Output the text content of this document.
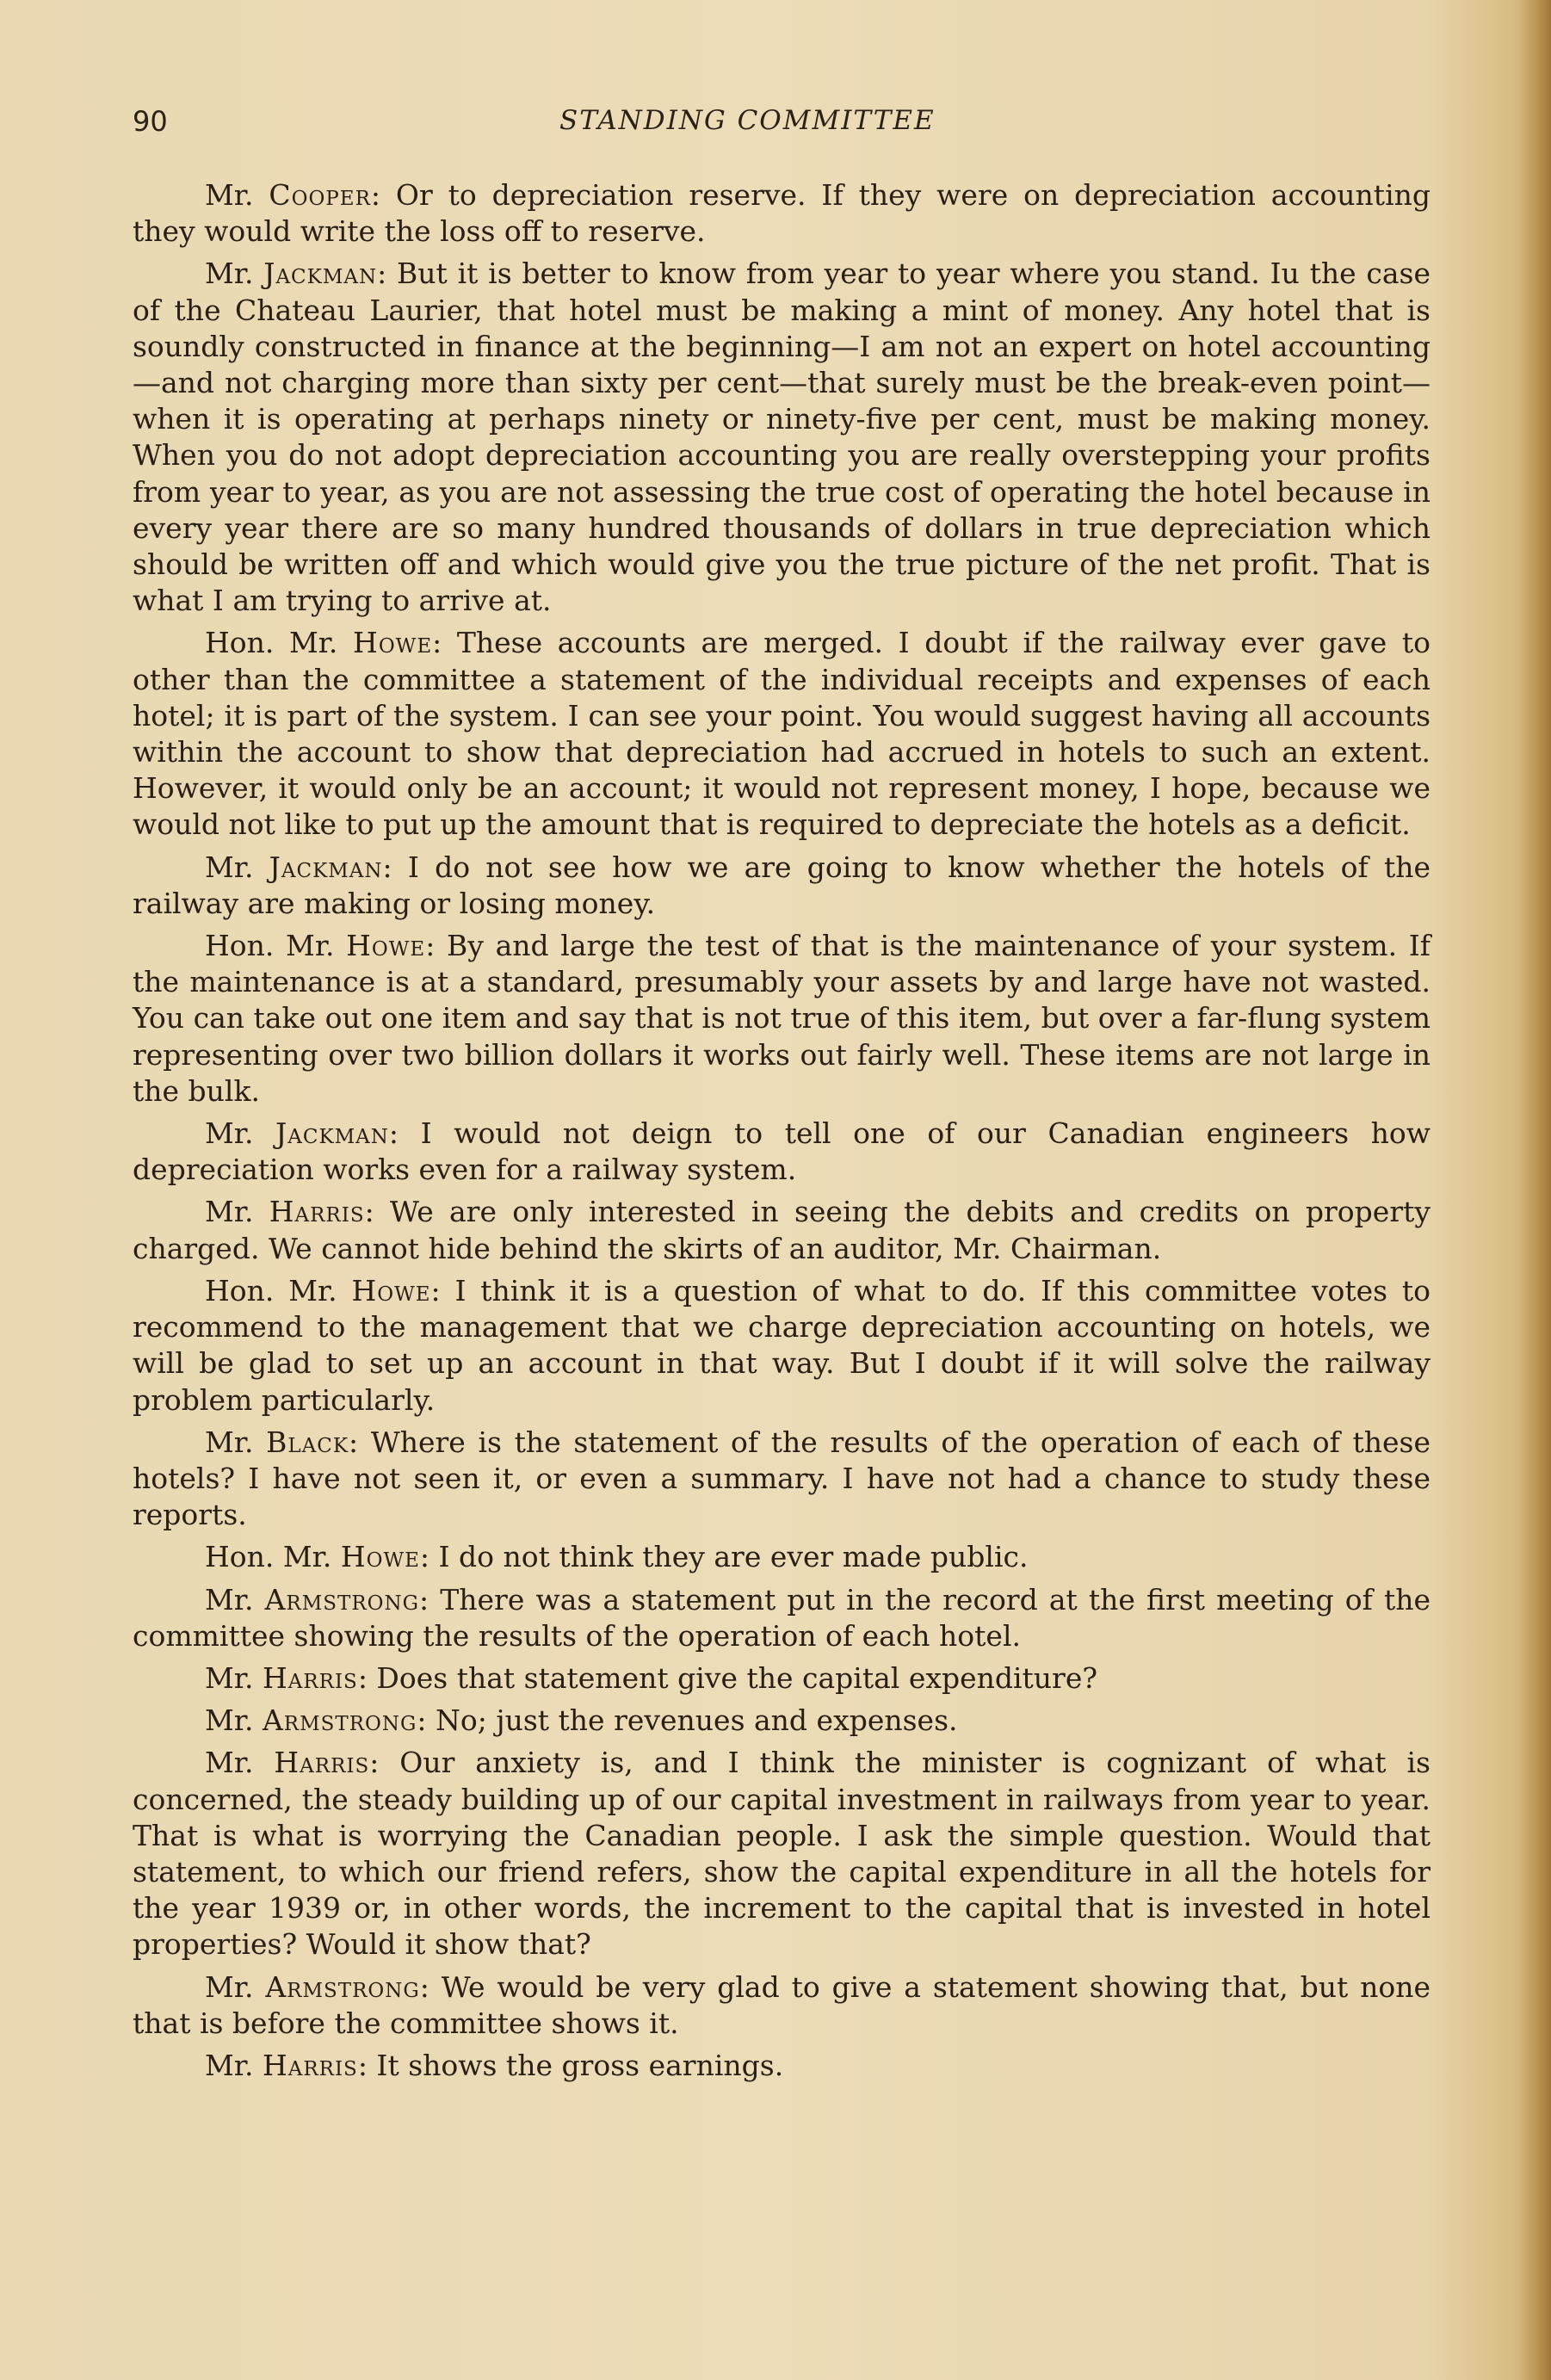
90	STANDING COMMITTEE

Mr. Cooper: Or to depreciation reserve. If they were on depreciation accounting they would write the loss off to reserve.

Mr. Jackman: But it is better to know from year to year where you stand. Iu the case of the Chateau Laurier, that hotel must be making a mint of money. Any hotel that is soundly constructed in finance at the beginning—I am not an expert on hotel accounting—and not charging more than sixty per cent—that surely must be the break-even point—when it is operating at perhaps ninety or ninety-five per cent, must be making money. When you do not adopt depreciation accounting you are really overstepping your profits from year to year, as you are not assessing the true cost of operating the hotel because in every year there are so many hundred thousands of dollars in true depreciation which should be written off and which would give you the true picture of the net profit. That is what I am trying to arrive at.

Hon. Mr. Howe: These accounts are merged. I doubt if the railway ever gave to other than the committee a statement of the individual receipts and expenses of each hotel; it is part of the system. I can see your point. You would suggest having all accounts within the account to show that depreciation had accrued in hotels to such an extent. However, it would only be an account; it would not represent money, I hope, because we would not like to put up the amount that is required to depreciate the hotels as a deficit.

Mr. Jackman: I do not see how we are going to know whether the hotels of the railway are making or losing money.

Hon. Mr. Howe: By and large the test of that is the maintenance of your system. If the maintenance is at a standard, presumably your assets by and large have not wasted. You can take out one item and say that is not true of this item, but over a far-flung system representing over two billion dollars it works out fairly well. These items are not large in the bulk.

Mr. Jackman: I would not deign to tell one of our Canadian engineers how depreciation works even for a railway system.

Mr. Harris: We are only interested in seeing the debits and credits on property charged. We cannot hide behind the skirts of an auditor, Mr. Chairman.

Hon. Mr. Howe: I think it is a question of what to do. If this committee votes to recommend to the management that we charge depreciation accounting on hotels, we will be glad to set up an account in that way. But I doubt if it will solve the railway problem particularly.

Mr. Black: Where is the statement of the results of the operation of each of these hotels? I have not seen it, or even a summary. I have not had a chance to study these reports.

Hon. Mr. Howe: I do not think they are ever made public.

Mr. Armstrong: There was a statement put in the record at the first meeting of the committee showing the results of the operation of each hotel.

Mr. Harris: Does that statement give the capital expenditure?

Mr. Armstrong: No; just the revenues and expenses.

Mr. Harris: Our anxiety is, and I think the minister is cognizant of what is concerned, the steady building up of our capital investment in railways from year to year. That is what is worrying the Canadian people. I ask the simple question. Would that statement, to which our friend refers, show the capital expenditure in all the hotels for the year 1939 or, in other words, the increment to the capital that is invested in hotel properties? Would it show that?

Mr. Armstrong: We would be very glad to give a statement showing that, but none that is before the committee shows it.

Mr. Harris: It shows the gross earnings.
